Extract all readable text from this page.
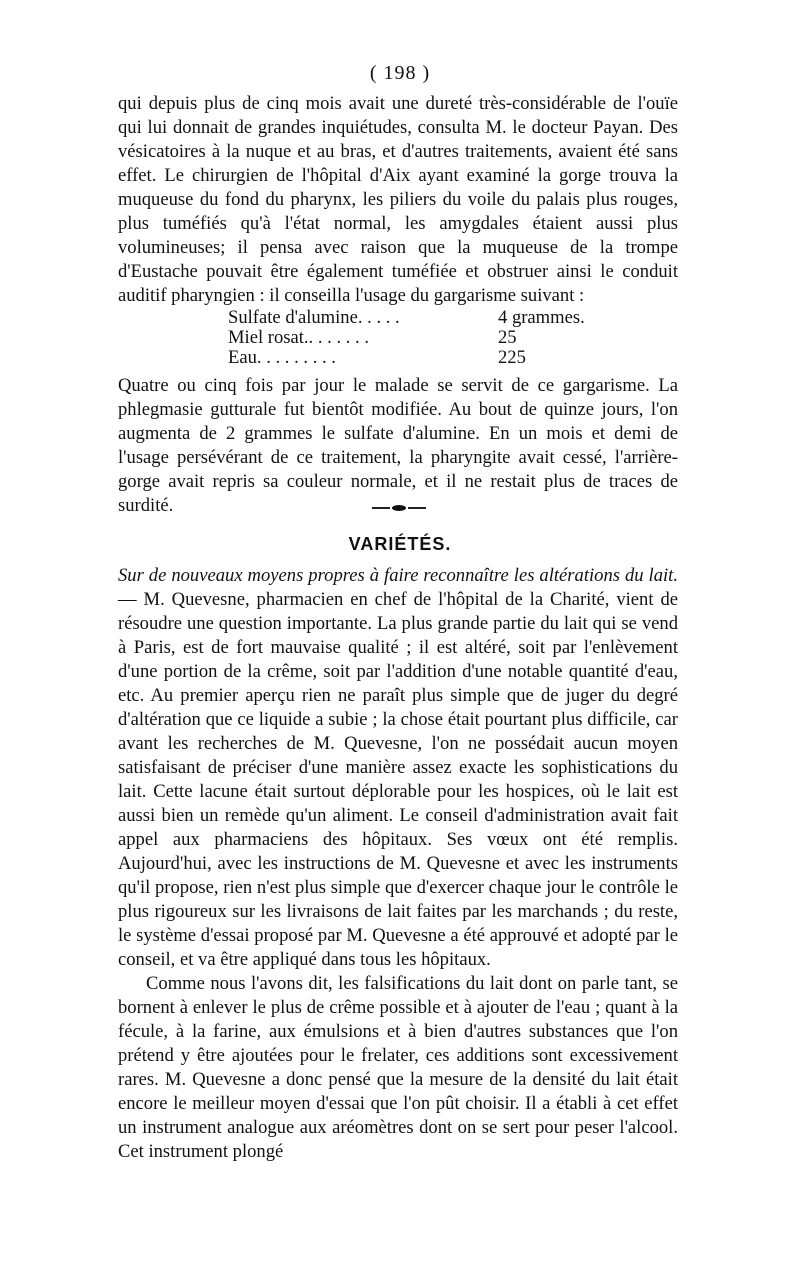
( 198 )

qui depuis plus de cinq mois avait une dureté très-considérable de l'ouïe qui lui donnait de grandes inquiétudes, consulta M. le docteur Payan. Des vésicatoires à la nuque et au bras, et d'autres traitements, avaient été sans effet. Le chirurgien de l'hôpital d'Aix ayant examiné la gorge trouva la muqueuse du fond du pharynx, les piliers du voile du palais plus rouges, plus tuméfiés qu'à l'état normal, les amygdales étaient aussi plus volumineuses; il pensa avec raison que la muqueuse de la trompe d'Eustache pouvait être également tuméfiée et obstruer ainsi le conduit auditif pharyngien : il conseilla l'usage du gargarisme suivant :

Sulfate d'alumine. . . . .	4 grammes.
Miel rosat.. . . . . . .	25
Eau. . . . . . . . .	225

Quatre ou cinq fois par jour le malade se servit de ce gargarisme. La phlegmasie gutturale fut bientôt modifiée. Au bout de quinze jours, l'on augmenta de 2 grammes le sulfate d'alumine. En un mois et demi de l'usage persévérant de ce traitement, la pharyngite avait cessé, l'arrière-gorge avait repris sa couleur normale, et il ne restait plus de traces de surdité.

VARIÉTÉS.

Sur de nouveaux moyens propres à faire reconnaître les altérations du lait. — M. Quevesne, pharmacien en chef de l'hôpital de la Charité, vient de résoudre une question importante. La plus grande partie du lait qui se vend à Paris, est de fort mauvaise qualité ; il est altéré, soit par l'enlèvement d'une portion de la crême, soit par l'addition d'une notable quantité d'eau, etc. Au premier aperçu rien ne paraît plus simple que de juger du degré d'altération que ce liquide a subie ; la chose était pourtant plus difficile, car avant les recherches de M. Quevesne, l'on ne possédait aucun moyen satisfaisant de préciser d'une manière assez exacte les sophistications du lait. Cette lacune était surtout déplorable pour les hospices, où le lait est aussi bien un remède qu'un aliment. Le conseil d'administration avait fait appel aux pharmaciens des hôpitaux. Ses vœux ont été remplis. Aujourd'hui, avec les instructions de M. Quevesne et avec les instruments qu'il propose, rien n'est plus simple que d'exercer chaque jour le contrôle le plus rigoureux sur les livraisons de lait faites par les marchands ; du reste, le système d'essai proposé par M. Quevesne a été approuvé et adopté par le conseil, et va être appliqué dans tous les hôpitaux.

Comme nous l'avons dit, les falsifications du lait dont on parle tant, se bornent à enlever le plus de crême possible et à ajouter de l'eau ; quant à la fécule, à la farine, aux émulsions et à bien d'autres substances que l'on prétend y être ajoutées pour le frelater, ces additions sont excessivement rares. M. Quevesne a donc pensé que la mesure de la densité du lait était encore le meilleur moyen d'essai que l'on pût choisir. Il a établi à cet effet un instrument analogue aux aréomètres dont on se sert pour peser l'alcool. Cet instrument plongé
